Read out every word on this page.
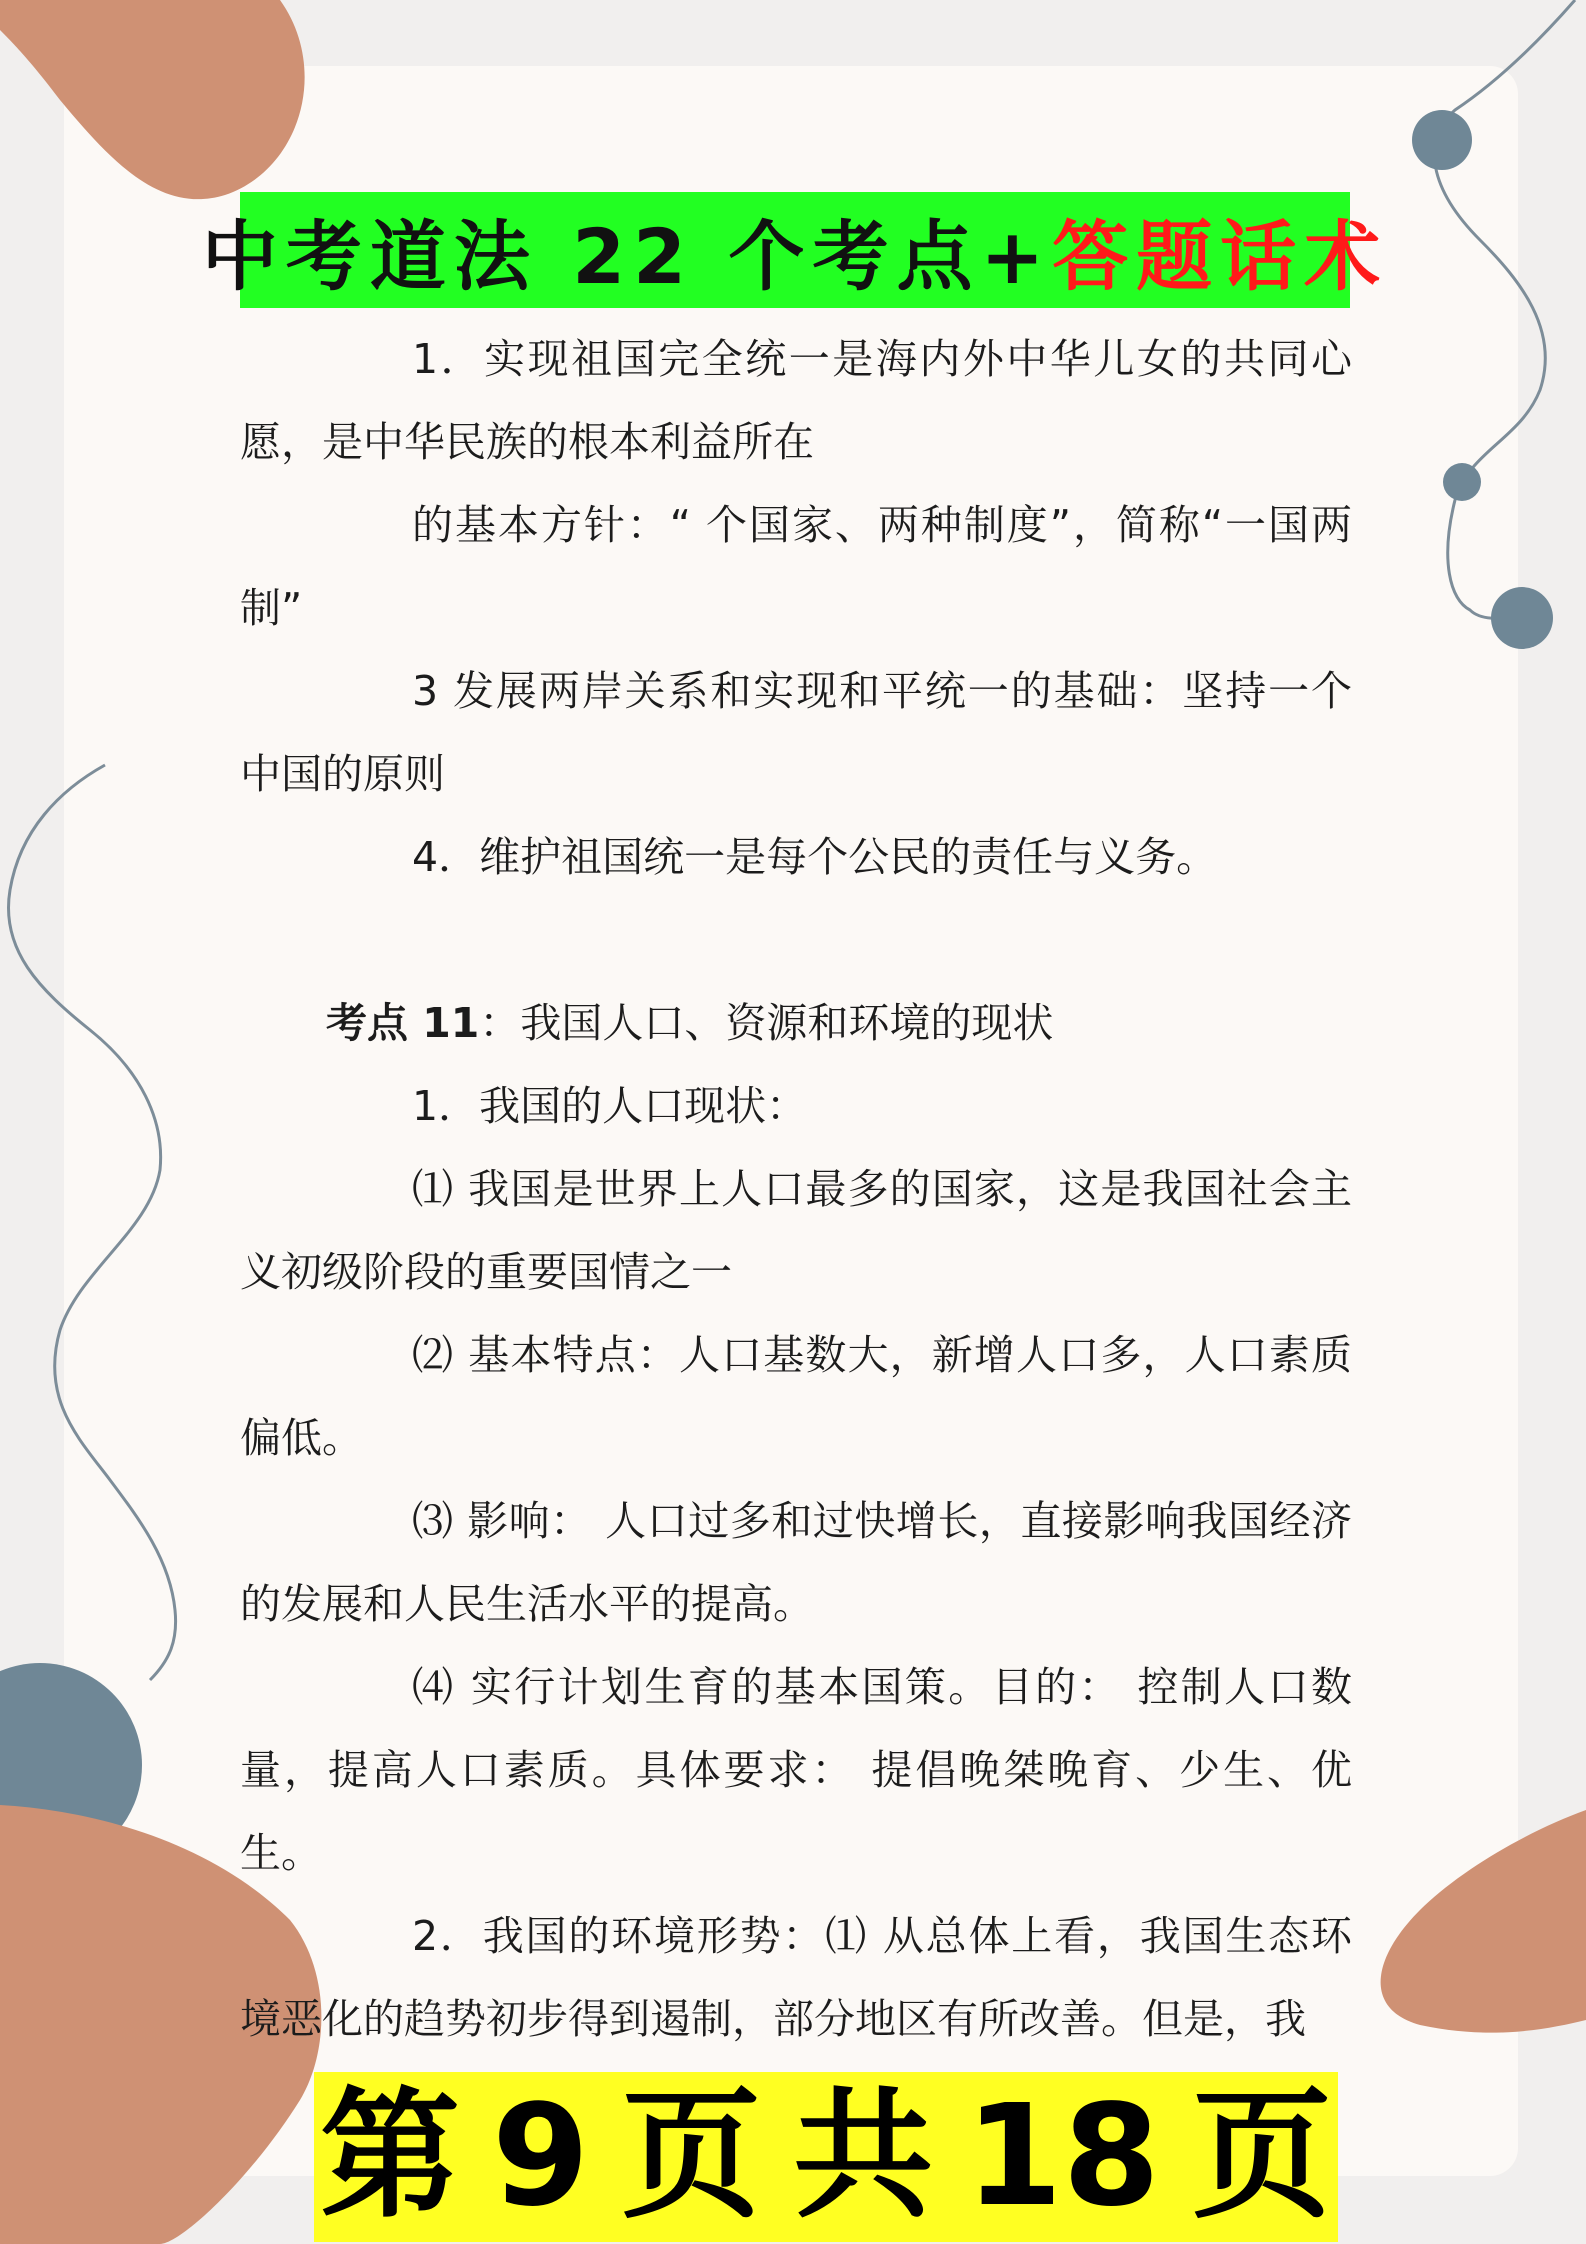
中考道法 22 个考点+ 答题话术

1．实现祖国完全统一是海内外中华儿女的共同心愿，是中华民族的根本利益所在

的基本方针：“ 个国家、两种制度”，简称“一国两制”

3 发展两岸关系和实现和平统一的基础：坚持一个中国的原则

4．维护祖国统一是每个公民的责任与义务。

考点 11：我国人口、资源和环境的现状

1．我国的人口现状：

⑴ 我国是世界上人口最多的国家，这是我国社会主义初级阶段的重要国情之一

⑵ 基本特点：人口基数大，新增人口多，人口素质偏低。

⑶ 影响： 人口过多和过快增长，直接影响我国经济的发展和人民生活水平的提高。

⑷ 实行计划生育的基本国策。目的： 控制人口数量，提高人口素质。具体要求： 提倡晚桀晚育、少生、优生。

2．我国的环境形势：⑴ 从总体上看，我国生态环境恶化的趋势初步得到遏制，部分地区有所改善。但是，我

第 9 页 共 18 页
